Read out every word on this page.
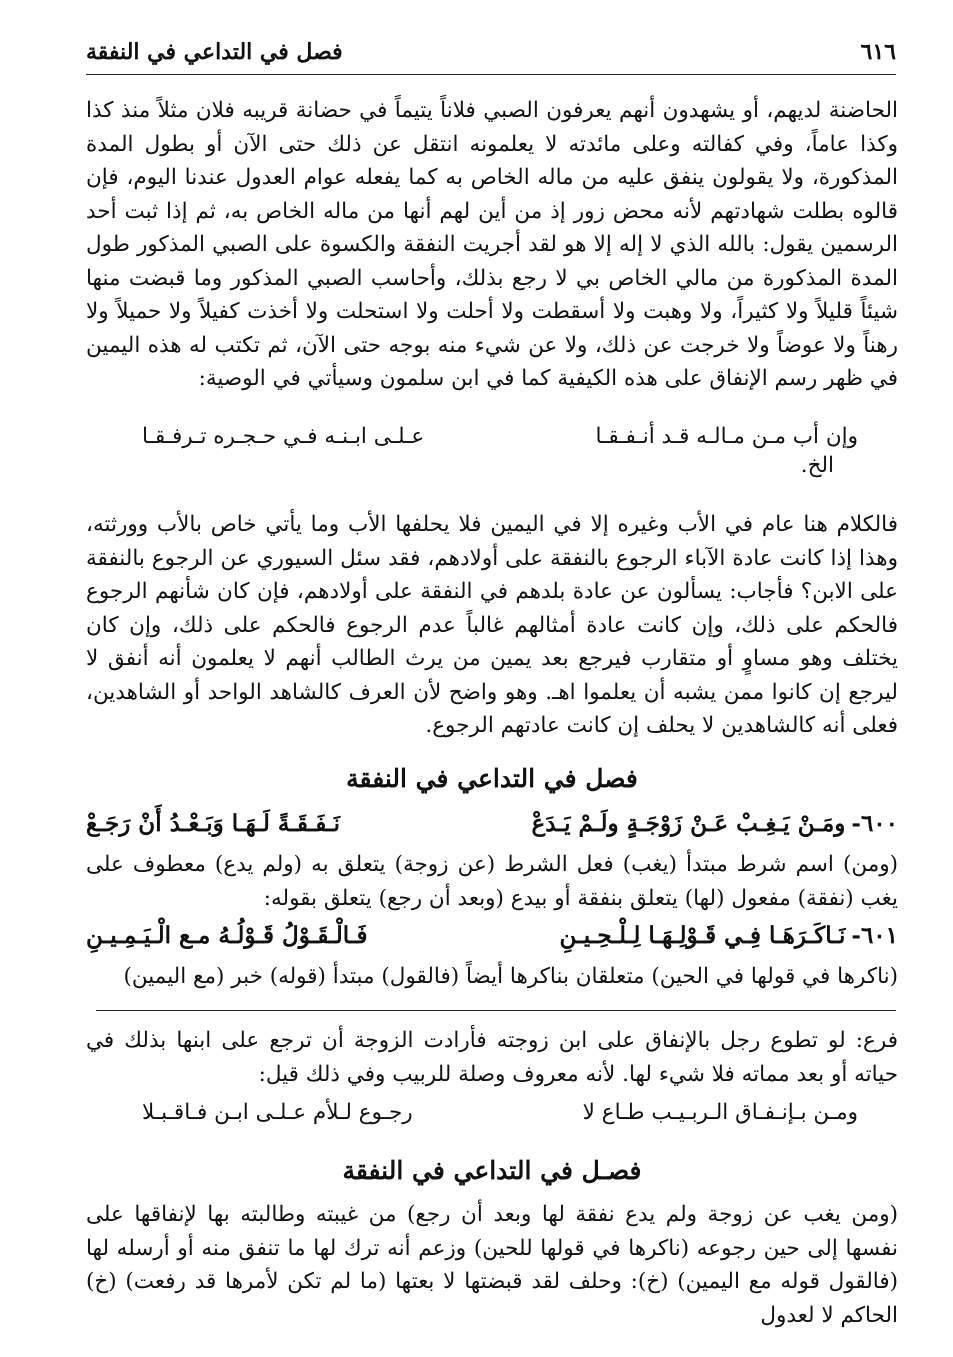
فصل في التداعي في النفقة	٦١٦

الحاضنة لديهم، أو يشهدون أنهم يعرفون الصبي فلاناً يتيماً في حضانة قريبه فلان مثلاً منذ كذا وكذا عاماً، وفي كفالته وعلى مائدته لا يعلمونه انتقل عن ذلك حتى الآن أو بطول المدة المذكورة، ولا يقولون ينفق عليه من ماله الخاص به كما يفعله عوام العدول عندنا اليوم، فإن قالوه بطلت شهادتهم لأنه محض زور إذ من أين لهم أنها من ماله الخاص به، ثم إذا ثبت أحد الرسمين يقول: بالله الذي لا إله إلا هو لقد أجريت النفقة والكسوة على الصبي المذكور طول المدة المذكورة من مالي الخاص بي لا رجع بذلك، وأحاسب الصبي المذكور وما قبضت منها شيئاً قليلاً ولا كثيراً، ولا وهبت ولا أسقطت ولا أحلت ولا استحلت ولا أخذت كفيلاً ولا حميلاً ولا رهناً ولا عوضاً ولا خرجت عن ذلك، ولا عن شيء منه بوجه حتى الآن، ثم تكتب له هذه اليمين في ظهر رسم الإنفاق على هذه الكيفية كما في ابن سلمون وسيأتي في الوصية:

وإن أب مـن مـالـه قـد أنـفـقـا
عـلـى ابـنـه فـي حـجـره تـرفـقـا
الخ.

فالكلام هنا عام في الأب وغيره إلا في اليمين فلا يحلفها الأب وما يأتي خاص بالأب وورثته، وهذا إذا كانت عادة الآباء الرجوع بالنفقة على أولادهم، فقد سئل السيوري عن الرجوع بالنفقة على الابن؟ فأجاب: يسألون عن عادة بلدهم في النفقة على أولادهم، فإن كان شأنهم الرجوع فالحكم على ذلك، وإن كانت عادة أمثالهم غالباً عدم الرجوع فالحكم على ذلك، وإن كان يختلف وهو مساوٍ أو متقارب فيرجع بعد يمين من يرث الطالب أنهم لا يعلمون أنه أنفق لا ليرجع إن كانوا ممن يشبه أن يعلموا اهـ. وهو واضح لأن العرف كالشاهد الواحد أو الشاهدين، فعلى أنه كالشاهدين لا يحلف إن كانت عادتهم الرجوع.

فصل في التداعي في النفقة
٦٠٠-
ومَـنْ يَـغِـبْ عَـنْ زَوْجَـةٍ ولَـمْ يَـدَعْ
نَـفَـقَـةً لَـهَـا وَبَـعْـدُ أَنْ رَجَـعْ

(ومن) اسم شرط مبتدأ (يغب) فعل الشرط (عن زوجة) يتعلق به (ولم يدع) معطوف على يغب (نفقة) مفعول (لها) يتعلق بنفقة أو بيدع (وبعد أن رجع) يتعلق بقوله:

٦٠١-
نَـاكَـرَهَـا فِـي قَـوْلِـهَـا لِـلْـحِـيـنِ
فَـالْـقَـوْلُ قَـوْلُـهُ مـع الْـيَـمِـيـنِ

(ناكرها في قولها في الحين) متعلقان بناكرها أيضاً (فالقول) مبتدأ (قوله) خبر (مع اليمين)

فرع: لو تطوع رجل بالإنفاق على ابن زوجته فأرادت الزوجة أن ترجع على ابنها بذلك في حياته أو بعد مماته فلا شيء لها. لأنه معروف وصلة للربيب وفي ذلك قيل:

ومـن بـإنـفـاق الـربـيـب طـاع لا
رجـوع لـلأم عـلـى ابـن فـاقـبـلا
فصـل في التداعي في النفقة

(ومن يغب عن زوجة ولم يدع نفقة لها وبعد أن رجع) من غيبته وطالبته بها لإنفاقها على نفسها إلى حين رجوعه (ناكرها في قولها للحين) وزعم أنه ترك لها ما تنفق منه أو أرسله لها (فالقول قوله مع اليمين) (خ): وحلف لقد قبضتها لا بعتها (ما لم تكن لأمرها قد رفعت) (خ) الحاكم لا لعدول
